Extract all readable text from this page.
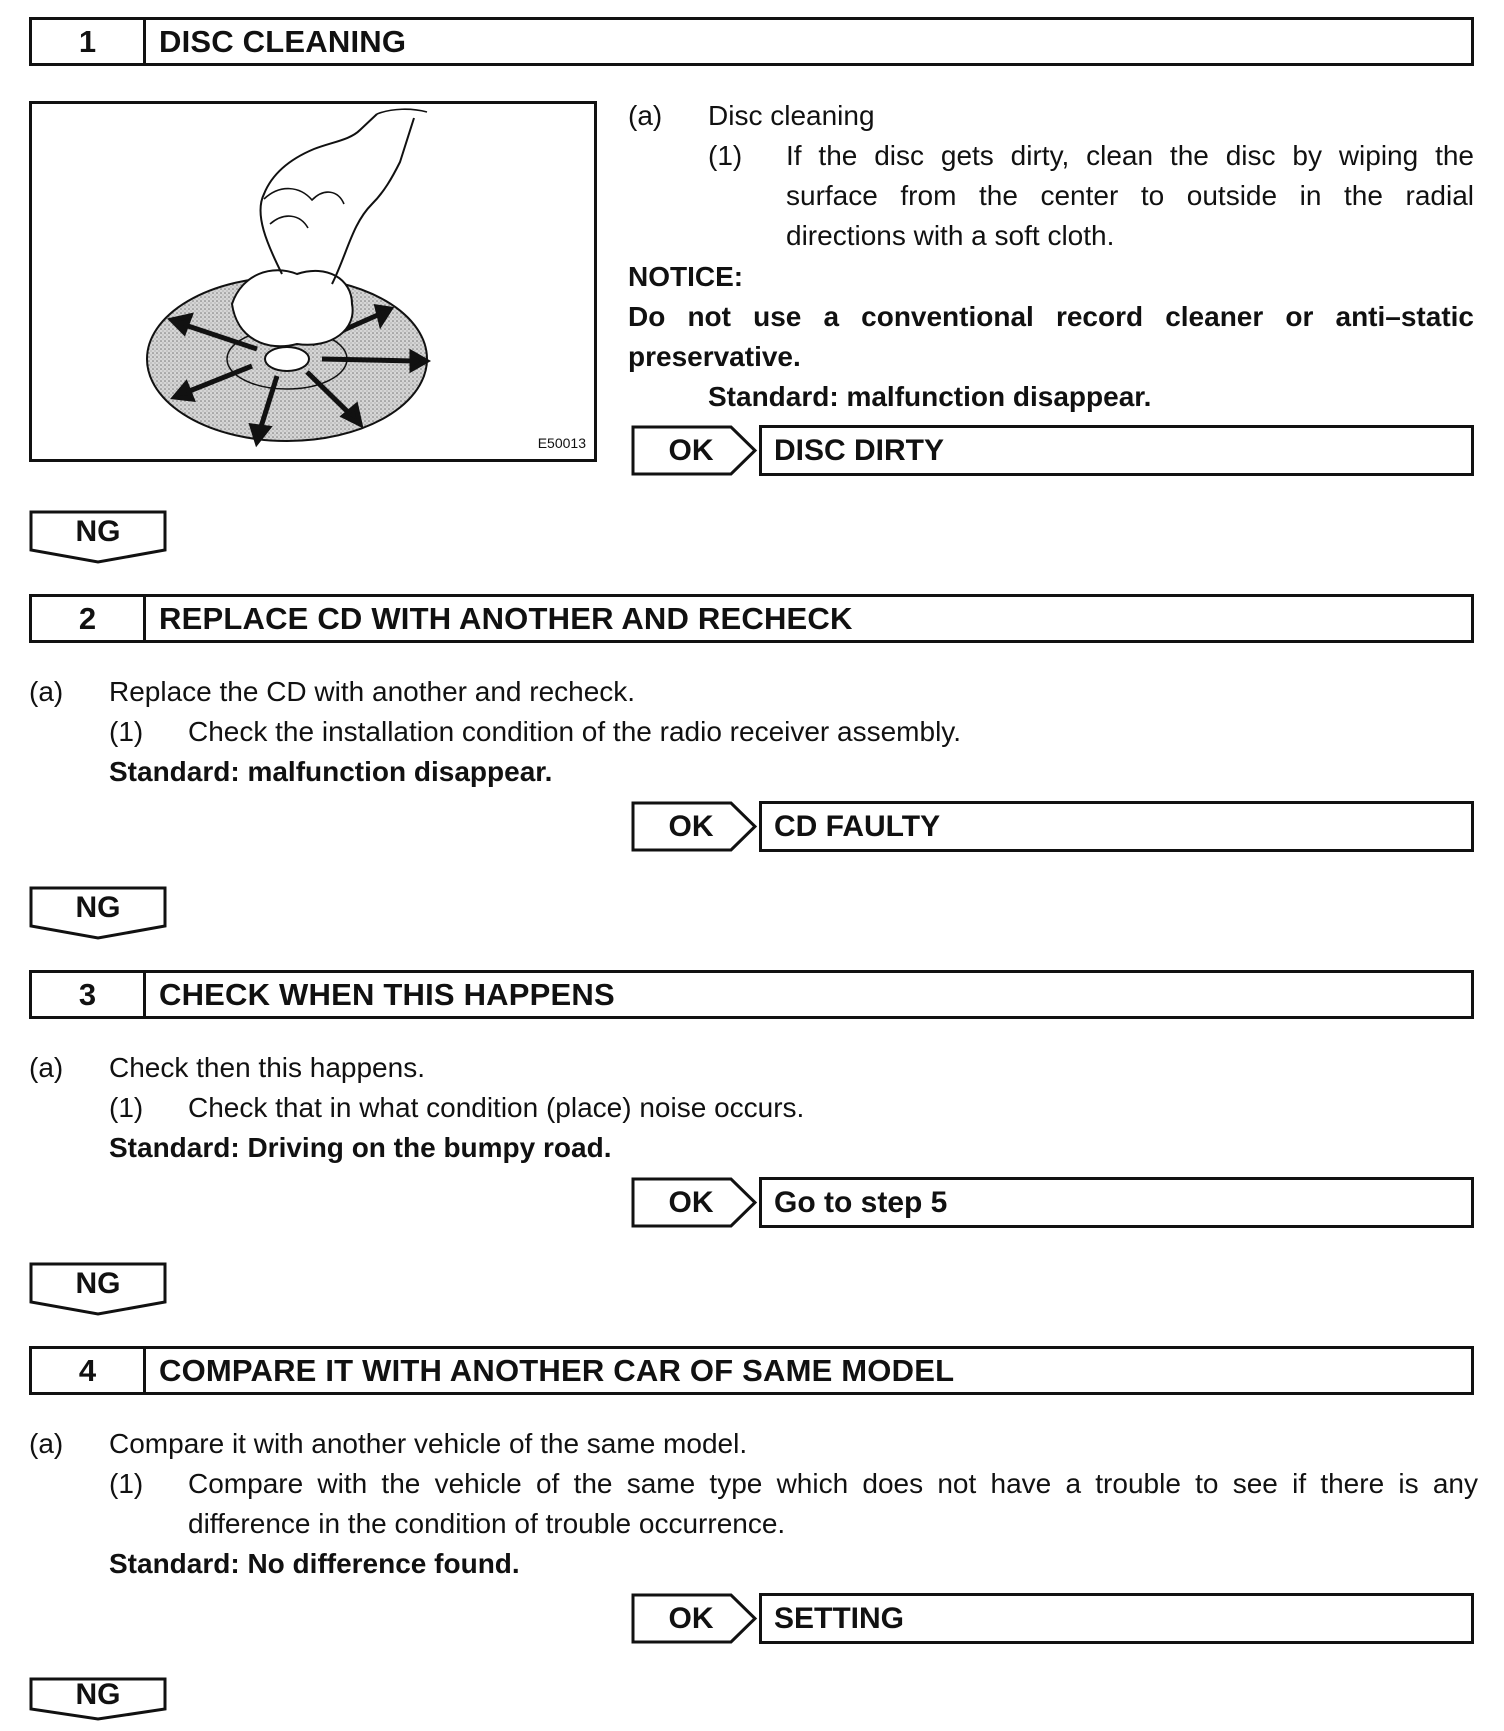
1	DISC CLEANING
E50013
(a) Disc cleaning
(1) If the disc gets dirty, clean the disc by wiping the surface from the center to outside in the radial directions with a soft cloth.
NOTICE:
Do not use a conventional record cleaner or anti–static preservative.
Standard: malfunction disappear.
OK	DISC DIRTY
NG
2	REPLACE CD WITH ANOTHER AND RECHECK
(a) Replace the CD with another and recheck.
(1) Check the installation condition of the radio receiver assembly.
Standard: malfunction disappear.
OK	CD FAULTY
NG
3	CHECK WHEN THIS HAPPENS
(a) Check then this happens.
(1) Check that in what condition (place) noise occurs.
Standard: Driving on the bumpy road.
OK	Go to step 5
NG
4	COMPARE IT WITH ANOTHER CAR OF SAME MODEL
(a) Compare it with another vehicle of the same model.
(1) Compare with the vehicle of the same type which does not have a trouble to see if there is any difference in the condition of trouble occurrence.
Standard: No difference found.
OK	SETTING
NG
